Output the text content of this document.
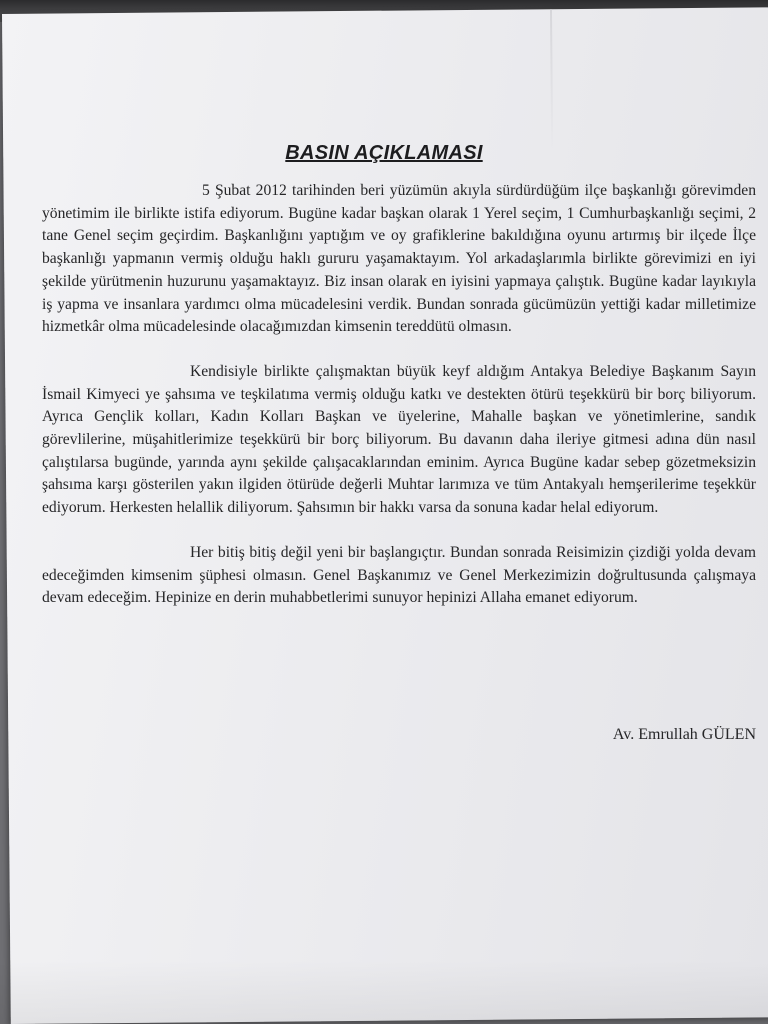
BASIN AÇIKLAMASI

5 Şubat 2012 tarihinden beri yüzümün akıyla sürdürdüğüm ilçe başkanlığı görevimden yönetimim ile birlikte istifa ediyorum. Bugüne kadar başkan olarak 1 Yerel seçim, 1 Cumhurbaşkanlığı seçimi, 2 tane Genel seçim geçirdim. Başkanlığını yaptığım ve oy grafiklerine bakıldığına oyunu artırmış bir ilçede İlçe başkanlığı yapmanın vermiş olduğu haklı gururu yaşamaktayım. Yol arkadaşlarımla birlikte görevimizi en iyi şekilde yürütmenin huzurunu yaşamaktayız. Biz insan olarak en iyisini yapmaya çalıştık. Bugüne kadar layıkıyla iş yapma ve insanlara yardımcı olma mücadelesini verdik. Bundan sonrada gücümüzün yettiği kadar milletimize hizmetkâr olma mücadelesinde olacağımızdan kimsenin tereddütü olmasın.

Kendisiyle birlikte çalışmaktan büyük keyf aldığım Antakya Belediye Başkanım Sayın İsmail Kimyeci ye şahsıma ve teşkilatıma vermiş olduğu katkı ve destekten ötürü teşekkürü bir borç biliyorum. Ayrıca Gençlik kolları, Kadın Kolları Başkan ve üyelerine, Mahalle başkan ve yönetimlerine, sandık görevlilerine, müşahitlerimize teşekkürü bir borç biliyorum. Bu davanın daha ileriye gitmesi adına dün nasıl çalıştılarsa bugünde, yarında aynı şekilde çalışacaklarından eminim. Ayrıca Bugüne kadar sebep gözetmeksizin şahsıma karşı gösterilen yakın ilgiden ötürüde değerli Muhtar larımıza ve tüm Antakyalı hemşerilerime teşekkür ediyorum. Herkesten helallik diliyorum. Şahsımın bir hakkı varsa da sonuna kadar helal ediyorum.

Her bitiş bitiş değil yeni bir başlangıçtır. Bundan sonrada Reisimizin çizdiği yolda devam edeceğimden kimsenim şüphesi olmasın. Genel Başkanımız ve Genel Merkezimizin doğrultusunda çalışmaya devam edeceğim. Hepinize en derin muhabbetlerimi sunuyor hepinizi Allaha emanet ediyorum.

Av. Emrullah GÜLEN
